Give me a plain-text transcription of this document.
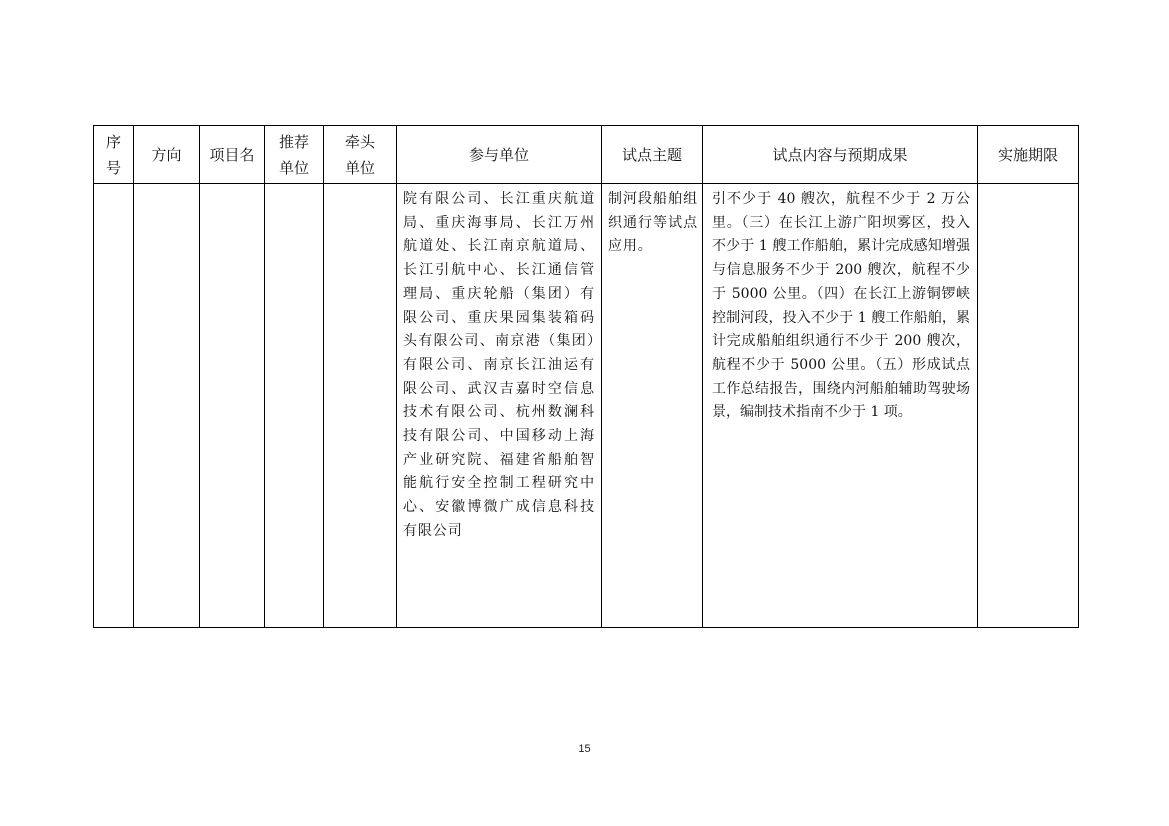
序号	方向	项目名	推荐单位	牵头单位	参与单位	试点主题	试点内容与预期成果	实施期限

					院有限公司、长江重庆航道局、重庆海事局、长江万州航道处、长江南京航道局、长江引航中心、长江通信管理局、重庆轮船（集团）有限公司、重庆果园集装箱码头有限公司、南京港（集团）有限公司、南京长江油运有限公司、武汉吉嘉时空信息技术有限公司、杭州数澜科技有限公司、中国移动上海产业研究院、福建省船舶智能航行安全控制工程研究中心、安徽博微广成信息科技有限公司	制河段船舶组织通行等试点应用。	引不少于 40 艘次，航程不少于 2 万公里。（三）在长江上游广阳坝雾区，投入不少于 1 艘工作船舶，累计完成感知增强与信息服务不少于 200 艘次，航程不少于 5000 公里。（四）在长江上游铜锣峡控制河段，投入不少于 1 艘工作船舶，累计完成船舶组织通行不少于 200 艘次，航程不少于 5000 公里。（五）形成试点工作总结报告，围绕内河船舶辅助驾驶场景，编制技术指南不少于 1 项。	

15
